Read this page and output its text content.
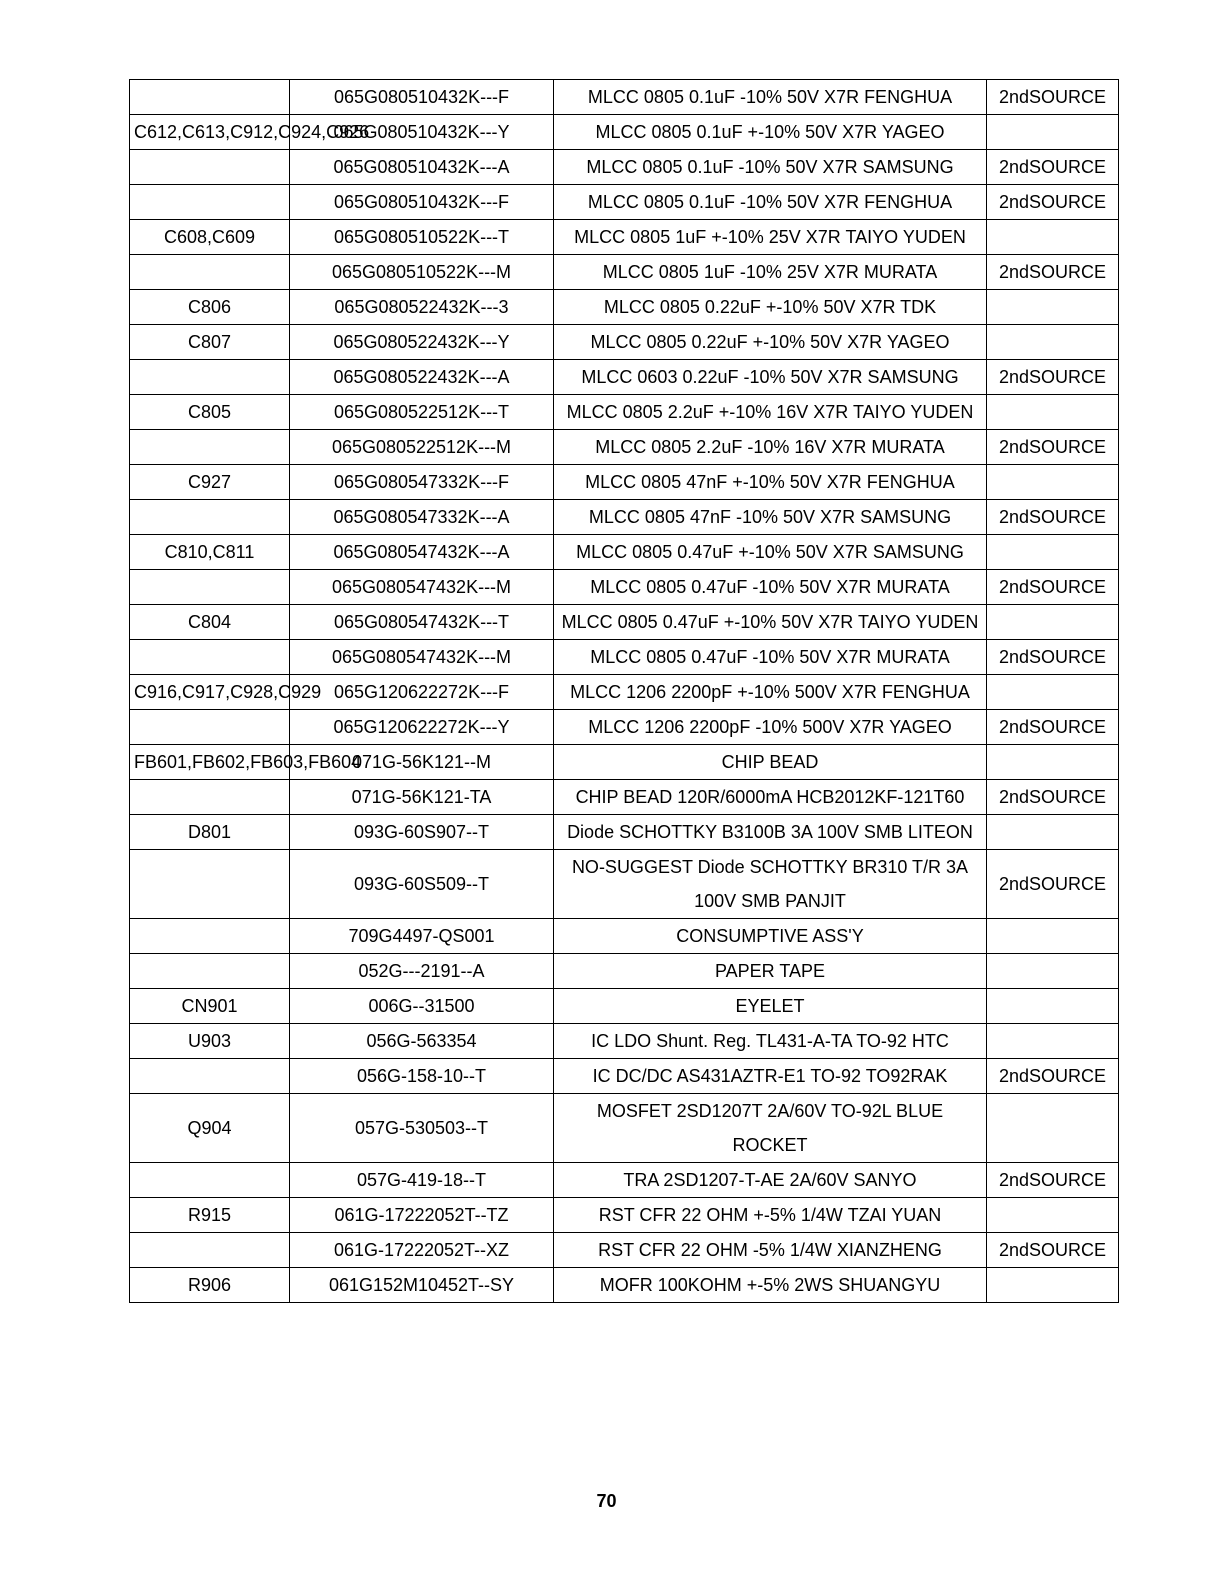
	065G080510432K---F	MLCC 0805 0.1uF -10% 50V X7R FENGHUA	2ndSOURCE
C612,C613,C912,C924,C926	065G080510432K---Y	MLCC 0805 0.1uF +-10% 50V X7R YAGEO	
	065G080510432K---A	MLCC 0805 0.1uF -10% 50V X7R SAMSUNG	2ndSOURCE
	065G080510432K---F	MLCC 0805 0.1uF -10% 50V X7R FENGHUA	2ndSOURCE
C608,C609	065G080510522K---T	MLCC 0805 1uF +-10% 25V X7R TAIYO YUDEN	
	065G080510522K---M	MLCC 0805 1uF -10% 25V X7R MURATA	2ndSOURCE
C806	065G080522432K---3	MLCC 0805 0.22uF +-10% 50V X7R TDK	
C807	065G080522432K---Y	MLCC 0805 0.22uF +-10% 50V X7R YAGEO	
	065G080522432K---A	MLCC 0603 0.22uF -10% 50V X7R SAMSUNG	2ndSOURCE
C805	065G080522512K---T	MLCC 0805 2.2uF +-10% 16V X7R TAIYO YUDEN	
	065G080522512K---M	MLCC 0805 2.2uF -10% 16V X7R MURATA	2ndSOURCE
C927	065G080547332K---F	MLCC 0805 47nF +-10% 50V X7R FENGHUA	
	065G080547332K---A	MLCC 0805 47nF -10% 50V X7R SAMSUNG	2ndSOURCE
C810,C811	065G080547432K---A	MLCC 0805 0.47uF +-10% 50V X7R SAMSUNG	
	065G080547432K---M	MLCC 0805 0.47uF -10% 50V X7R MURATA	2ndSOURCE
C804	065G080547432K---T	MLCC 0805 0.47uF +-10% 50V X7R TAIYO YUDEN	
	065G080547432K---M	MLCC 0805 0.47uF -10% 50V X7R MURATA	2ndSOURCE
C916,C917,C928,C929	065G120622272K---F	MLCC 1206 2200pF +-10% 500V X7R FENGHUA	
	065G120622272K---Y	MLCC 1206 2200pF -10% 500V X7R YAGEO	2ndSOURCE
FB601,FB602,FB603,FB604	071G-56K121--M	CHIP BEAD	
	071G-56K121-TA	CHIP BEAD 120R/6000mA HCB2012KF-121T60	2ndSOURCE
D801	093G-60S907--T	Diode SCHOTTKY B3100B 3A 100V SMB LITEON	
	093G-60S509--T	NO-SUGGEST Diode SCHOTTKY BR310 T/R 3A 100V SMB PANJIT	2ndSOURCE
	709G4497-QS001	CONSUMPTIVE ASS'Y	
	052G---2191--A	PAPER TAPE	
CN901	006G--31500	EYELET	
U903	056G-563354	IC LDO Shunt. Reg. TL431-A-TA TO-92 HTC	
	056G-158-10--T	IC DC/DC AS431AZTR-E1 TO-92 TO92RAK	2ndSOURCE
Q904	057G-530503--T	MOSFET 2SD1207T 2A/60V TO-92L BLUE ROCKET	
	057G-419-18--T	TRA 2SD1207-T-AE 2A/60V SANYO	2ndSOURCE
R915	061G-17222052T--TZ	RST CFR 22 OHM +-5% 1/4W TZAI YUAN	
	061G-17222052T--XZ	RST CFR 22 OHM -5% 1/4W XIANZHENG	2ndSOURCE
R906	061G152M10452T--SY	MOFR 100KOHM +-5% 2WS SHUANGYU	
70
